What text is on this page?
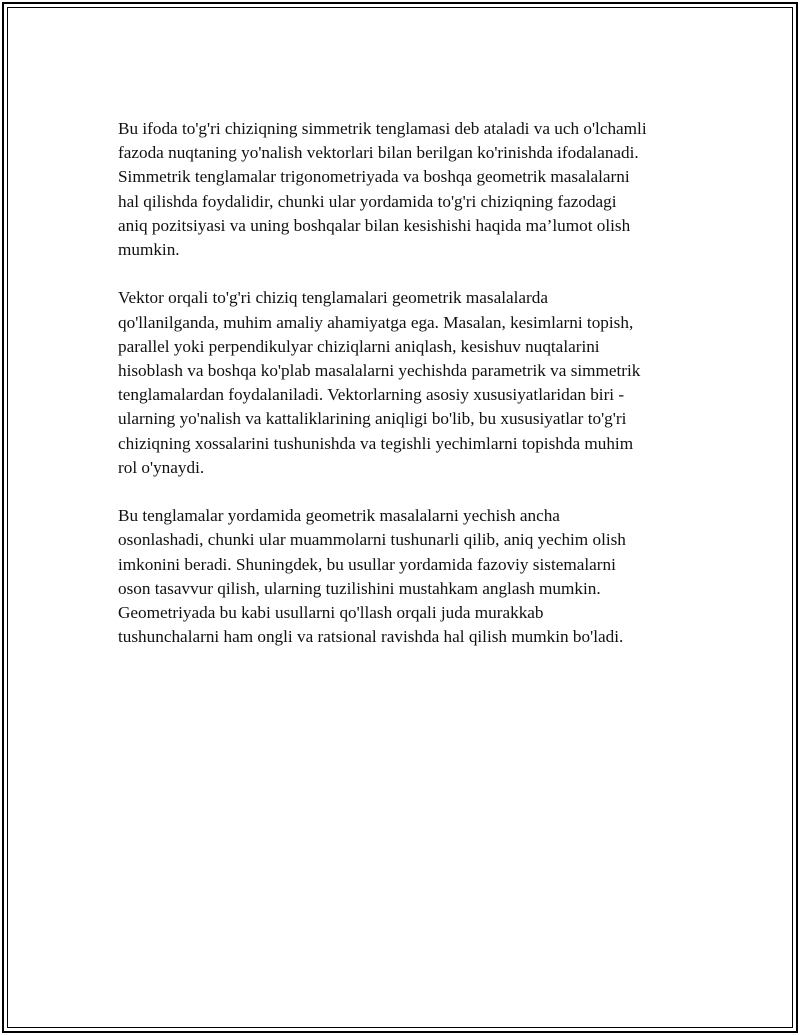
Bu ifoda to'g'ri chiziqning simmetrik tenglamasi deb ataladi va uch o'lchamli
fazoda nuqtaning yo'nalish vektorlari bilan berilgan ko'rinishda ifodalanadi.
Simmetrik tenglamalar trigonometriyada va boshqa geometrik masalalarni
hal qilishda foydalidir, chunki ular yordamida to'g'ri chiziqning fazodagi
aniq pozitsiyasi va uning boshqalar bilan kesishishi haqida ma’lumot olish
mumkin.

Vektor orqali to'g'ri chiziq tenglamalari geometrik masalalarda
qo'llanilganda, muhim amaliy ahamiyatga ega. Masalan, kesimlarni topish,
parallel yoki perpendikulyar chiziqlarni aniqlash, kesishuv nuqtalarini
hisoblash va boshqa ko'plab masalalarni yechishda parametrik va simmetrik
tenglamalardan foydalaniladi. Vektorlarning asosiy xususiyatlaridan biri -
ularning yo'nalish va kattaliklarining aniqligi bo'lib, bu xususiyatlar to'g'ri
chiziqning xossalarini tushunishda va tegishli yechimlarni topishda muhim
rol o'ynaydi.

Bu tenglamalar yordamida geometrik masalalarni yechish ancha
osonlashadi, chunki ular muammolarni tushunarli qilib, aniq yechim olish
imkonini beradi. Shuningdek, bu usullar yordamida fazoviy sistemalarni
oson tasavvur qilish, ularning tuzilishini mustahkam anglash mumkin.
Geometriyada bu kabi usullarni qo'llash orqali juda murakkab
tushunchalarni ham ongli va ratsional ravishda hal qilish mumkin bo'ladi.
